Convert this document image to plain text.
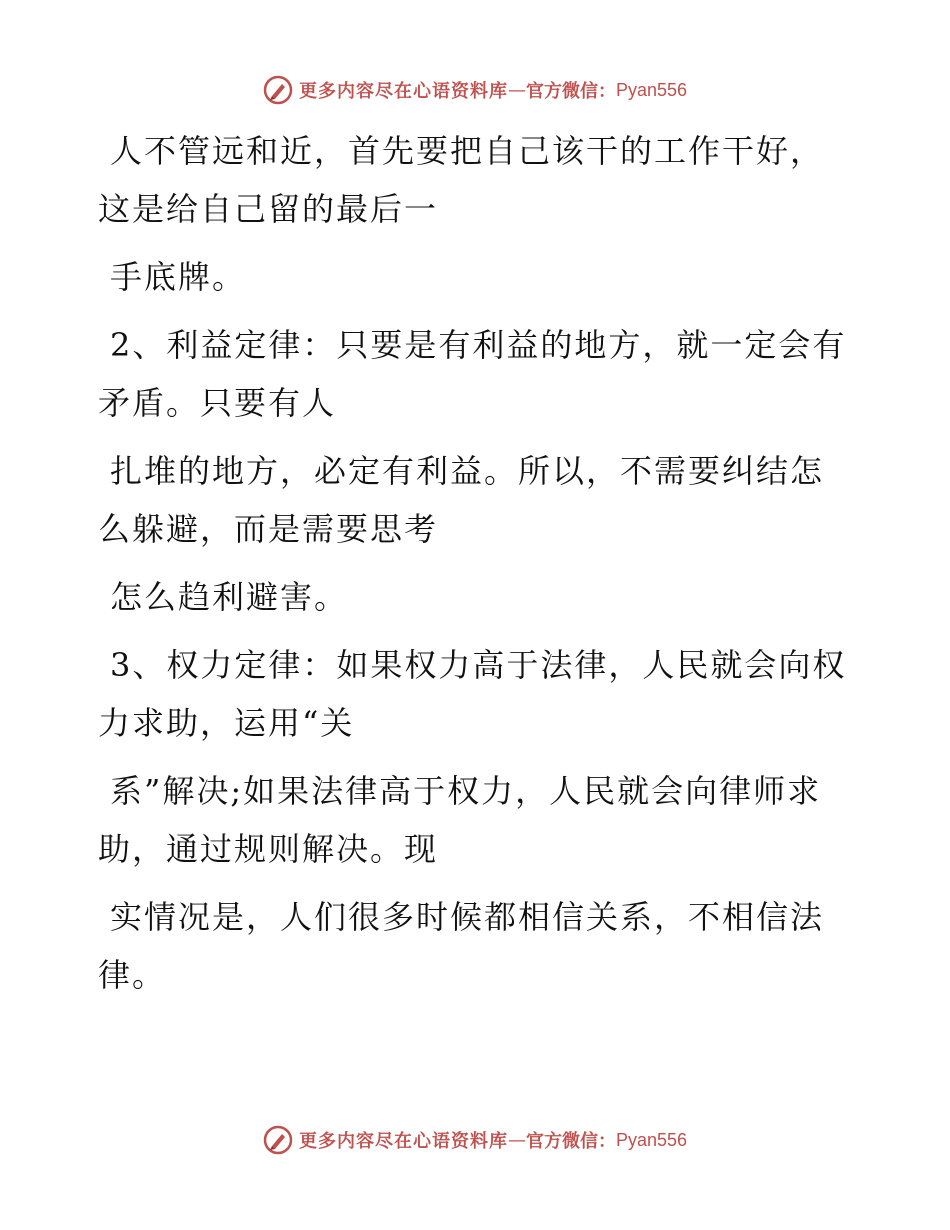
更多内容尽在心语资料库 — 官方微信： Pyan556
人不管远和近，首先要把自己该干的工作干好，
这是给自己留的最后一
手底牌。
2、利益定律：只要是有利益的地方，就一定会有
矛盾。只要有人
扎堆的地方，必定有利益。所以，不需要纠结怎
么躲避，而是需要思考
怎么趋利避害。
3、权力定律：如果权力高于法律，人民就会向权
力求助，运用“关
系”解决;如果法律高于权力，人民就会向律师求
助，通过规则解决。现
实情况是，人们很多时候都相信关系，不相信法
律。
更多内容尽在心语资料库 — 官方微信： Pyan556
